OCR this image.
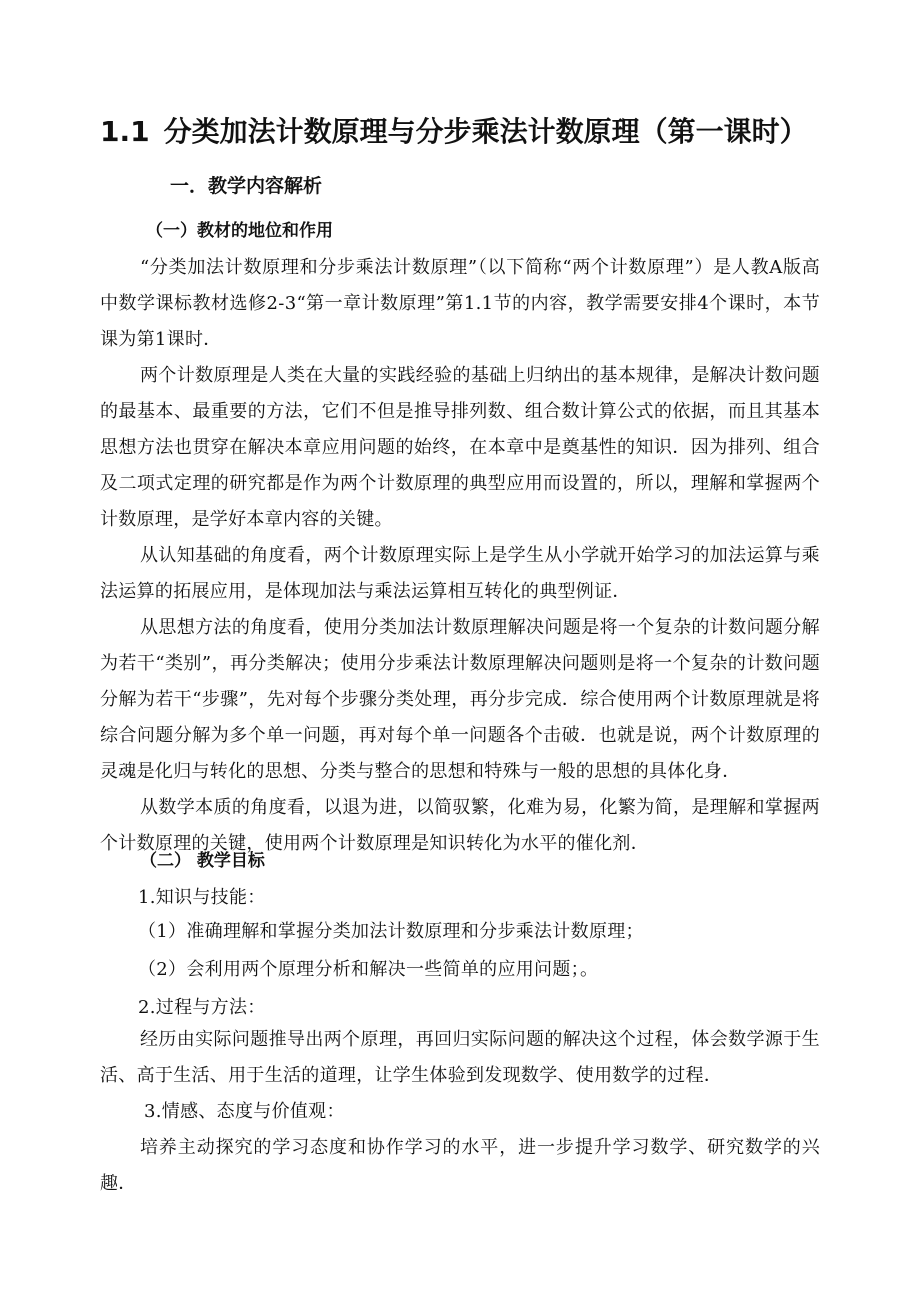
1.1 分类加法计数原理与分步乘法计数原理（第一课时）
一．教学内容解析
（一）教材的地位和作用

“分类加法计数原理和分步乘法计数原理”（以下简称“两个计数原理”）是人教A版高中数学课标教材选修2-3“第一章计数原理”第1.1节的内容，教学需要安排4个课时，本节课为第1课时．

两个计数原理是人类在大量的实践经验的基础上归纳出的基本规律，是解决计数问题的最基本、最重要的方法，它们不但是推导排列数、组合数计算公式的依据，而且其基本思想方法也贯穿在解决本章应用问题的始终，在本章中是奠基性的知识．因为排列、组合及二项式定理的研究都是作为两个计数原理的典型应用而设置的，所以，理解和掌握两个计数原理，是学好本章内容的关键。

从认知基础的角度看，两个计数原理实际上是学生从小学就开始学习的加法运算与乘法运算的拓展应用，是体现加法与乘法运算相互转化的典型例证．

从思想方法的角度看，使用分类加法计数原理解决问题是将一个复杂的计数问题分解为若干“类别”，再分类解决；使用分步乘法计数原理解决问题则是将一个复杂的计数问题分解为若干“步骤”，先对每个步骤分类处理，再分步完成．综合使用两个计数原理就是将综合问题分解为多个单一问题，再对每个单一问题各个击破．也就是说，两个计数原理的灵魂是化归与转化的思想、分类与整合的思想和特殊与一般的思想的具体化身．

从数学本质的角度看，以退为进，以简驭繁，化难为易，化繁为简，是理解和掌握两个计数原理的关键，使用两个计数原理是知识转化为水平的催化剂．

（二） 教学目标

1.知识与技能：

（1）准确理解和掌握分类加法计数原理和分步乘法计数原理；

（2）会利用两个原理分析和解决一些简单的应用问题；。

2.过程与方法：

经历由实际问题推导出两个原理，再回归实际问题的解决这个过程，体会数学源于生活、高于生活、用于生活的道理，让学生体验到发现数学、使用数学的过程．

3.情感、态度与价值观：

培养主动探究的学习态度和协作学习的水平，进一步提升学习数学、研究数学的兴趣．
